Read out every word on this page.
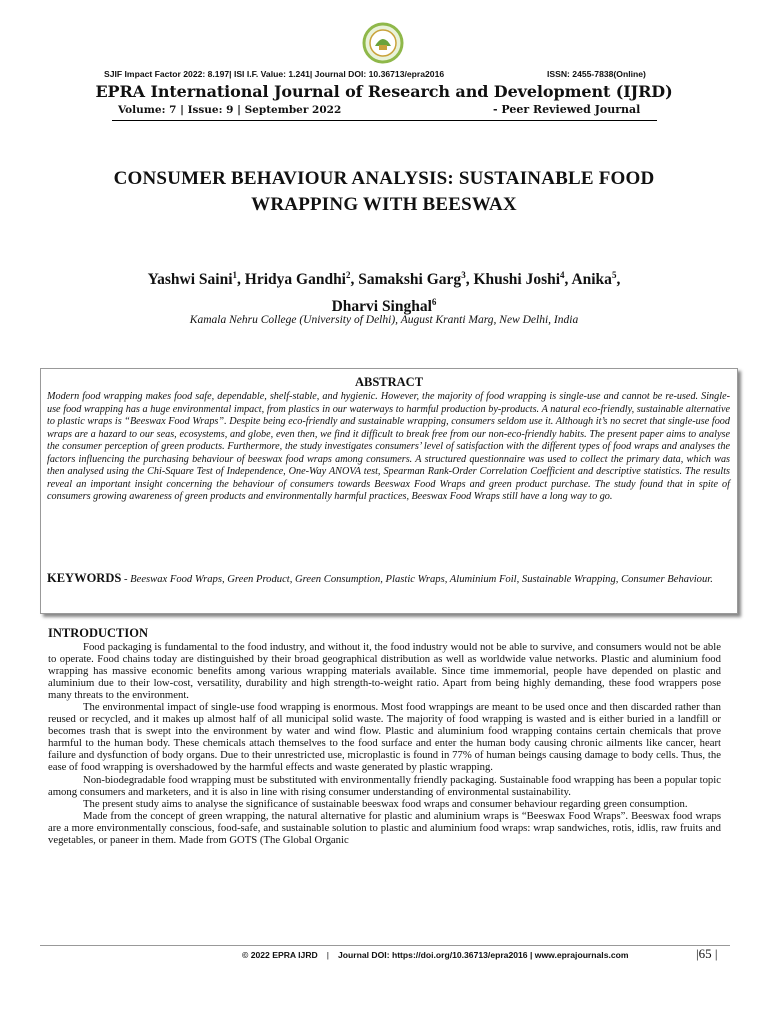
SJIF Impact Factor 2022: 8.197| ISI I.F. Value: 1.241| Journal DOI: 10.36713/epra2016	ISSN: 2455-7838(Online)
EPRA International Journal of Research and Development (IJRD)
Volume: 7 | Issue: 9 | September 2022	- Peer Reviewed Journal
CONSUMER BEHAVIOUR ANALYSIS: SUSTAINABLE FOOD
WRAPPING WITH BEESWAX
Yashwi Saini$^1$, Hridya Gandhi$^2$, Samakshi Garg$^3$, Khushi Joshi$^4$, Anika$^5$,
Dharvi Singhal$^6$
Kamala Nehru College (University of Delhi), August Kranti Marg, New Delhi, India
ABSTRACT
Modern food wrapping makes food safe, dependable, shelf-stable, and hygienic. However, the majority of food wrapping is single-use and cannot be re-used. Single-use food wrapping has a huge environmental impact, from plastics in our waterways to harmful production by-products. A natural eco-friendly, sustainable alternative to plastic wraps is “Beeswax Food Wraps”. Despite being eco-friendly and sustainable wrapping, consumers seldom use it. Although it’s no secret that single-use food wraps are a hazard to our seas, ecosystems, and globe, even then, we find it difficult to break free from our non-eco-friendly habits. The present paper aims to analyse the consumer perception of green products. Furthermore, the study investigates consumers’ level of satisfaction with the different types of food wraps and analyses the factors influencing the purchasing behaviour of beeswax food wraps among consumers. A structured questionnaire was used to collect the primary data, which was then analysed using the Chi-Square Test of Independence, One-Way ANOVA test, Spearman Rank-Order Correlation Coefficient and descriptive statistics. The results reveal an important insight concerning the behaviour of consumers towards Beeswax Food Wraps and green product purchase. The study found that in spite of consumers growing awareness of green products and environmentally harmful practices, Beeswax Food Wraps still have a long way to go.
KEYWORDS - Beeswax Food Wraps, Green Product, Green Consumption, Plastic Wraps, Aluminium Foil, Sustainable Wrapping, Consumer Behaviour.
INTRODUCTION

Food packaging is fundamental to the food industry, and without it, the food industry would not be able to survive, and consumers would not be able to operate. Food chains today are distinguished by their broad geographical distribution as well as worldwide value networks. Plastic and aluminium food wrapping has massive economic benefits among various wrapping materials available. Since time immemorial, people have depended on plastic and aluminium due to their low-cost, versatility, durability and high strength-to-weight ratio. Apart from being highly demanding, these food wrappers pose many threats to the environment.

The environmental impact of single-use food wrapping is enormous. Most food wrappings are meant to be used once and then discarded rather than reused or recycled, and it makes up almost half of all municipal solid waste. The majority of food wrapping is wasted and is either buried in a landfill or becomes trash that is swept into the environment by water and wind flow. Plastic and aluminium food wrapping contains certain chemicals that prove harmful to the human body. These chemicals attach themselves to the food surface and enter the human body causing chronic ailments like cancer, heart failure and dysfunction of body organs. Due to their unrestricted use, microplastic is found in 77% of human beings causing damage to body cells. Thus, the ease of food wrapping is overshadowed by the harmful effects and waste generated by plastic wrapping.

Non-biodegradable food wrapping must be substituted with environmentally friendly packaging. Sustainable food wrapping has been a popular topic among consumers and marketers, and it is also in line with rising consumer understanding of environmental sustainability.

The present study aims to analyse the significance of sustainable beeswax food wraps and consumer behaviour regarding green consumption.

Made from the concept of green wrapping, the natural alternative for plastic and aluminium wraps is “Beeswax Food Wraps”. Beeswax food wraps are a more environmentally conscious, food-safe, and sustainable solution to plastic and aluminium food wraps: wrap sandwiches, rotis, idlis, raw fruits and vegetables, or paneer in them. Made from GOTS (The Global Organic

© 2022 EPRA IJRD | Journal DOI: https://doi.org/10.36713/epra2016 | www.eprajournals.com	|65 |
